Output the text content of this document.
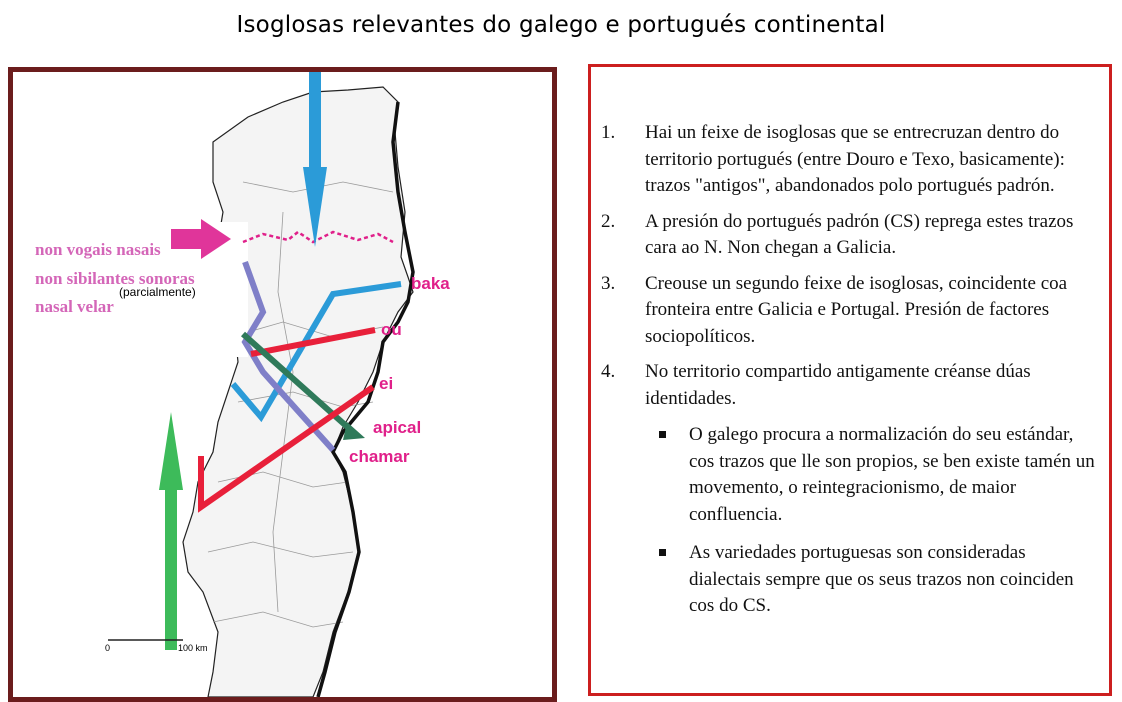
Isoglosas relevantes do galego e portugués continental
non vogais nasais
non sibilantes sonoras
nasal velar
(parcialmente)	baka
ou
ei
apical
chamar
0	100 km
1. Hai un feixe de isoglosas que se entrecruzan dentro do territorio portugués (entre Douro e Texo, basicamente): trazos "antigos", abandonados polo portugués padrón.
2. A presión do portugués padrón (CS) reprega estes trazos cara ao N. Non chegan a Galicia.
3. Creouse un segundo feixe de isoglosas, coincidente coa fronteira entre Galicia e Portugal. Presión de factores sociopolíticos.
4. No territorio compartido antigamente créanse dúas identidades.
O galego procura a normalización do seu estándar, cos trazos que lle son propios, se ben existe tamén un movemento, o reintegracionismo, de maior confluencia.
As variedades portuguesas son consideradas dialectais sempre que os seus trazos non coinciden cos do CS.
